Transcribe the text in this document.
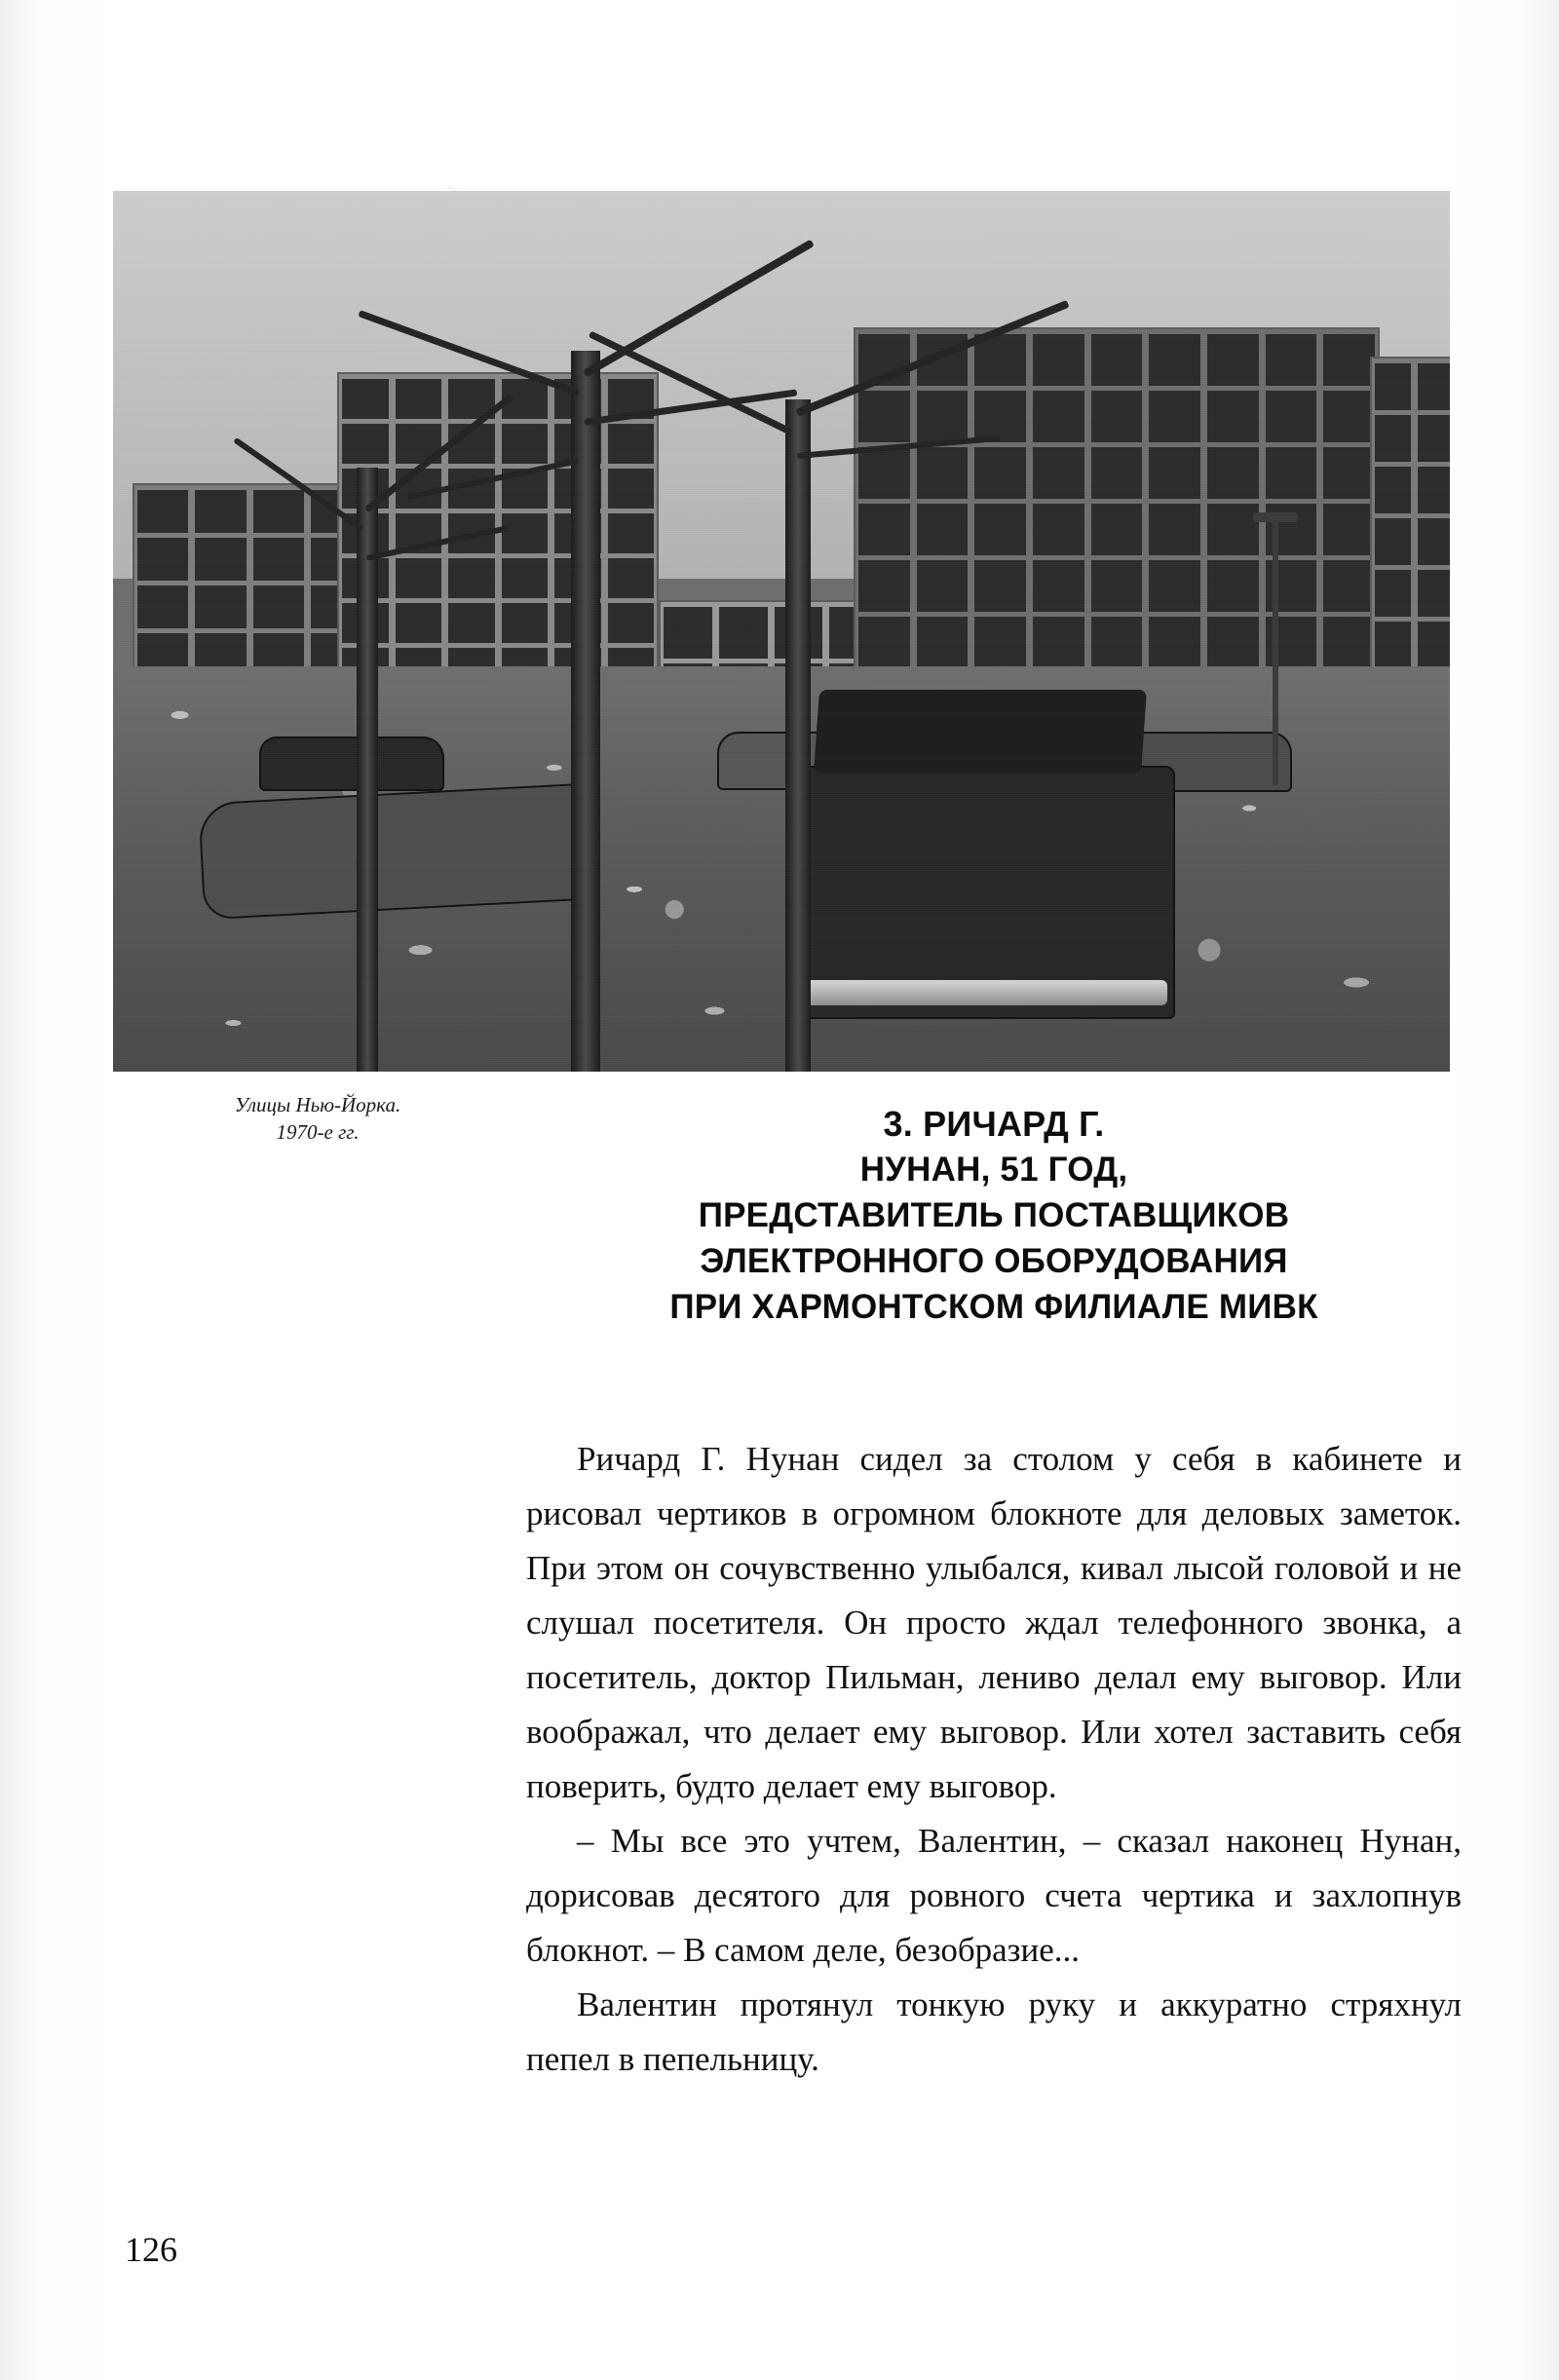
Улицы Нью-Йорка.
1970-е гг.	3. РИЧАРД Г.
НУНАН, 51 ГОД,
ПРЕДСТАВИТЕЛЬ ПОСТАВЩИКОВ
ЭЛЕКТРОННОГО ОБОРУДОВАНИЯ
ПРИ ХАРМОНТСКОМ ФИЛИАЛЕ МИВК

Ричард Г. Нунан сидел за столом у себя в кабинете и рисовал чертиков в огромном блокноте для деловых заметок. При этом он сочувственно улыбался, кивал лысой головой и не слушал посетителя. Он просто ждал телефонного звонка, а посетитель, доктор Пильман, лениво делал ему выговор. Или воображал, что делает ему выговор. Или хотел заставить себя поверить, будто делает ему выговор.

– Мы все это учтем, Валентин, – сказал наконец Нунан, дорисовав десятого для ровного счета чертика и захлопнув блокнот. – В самом деле, безобразие...

Валентин протянул тонкую руку и аккуратно стряхнул пепел в пепельницу.

126
